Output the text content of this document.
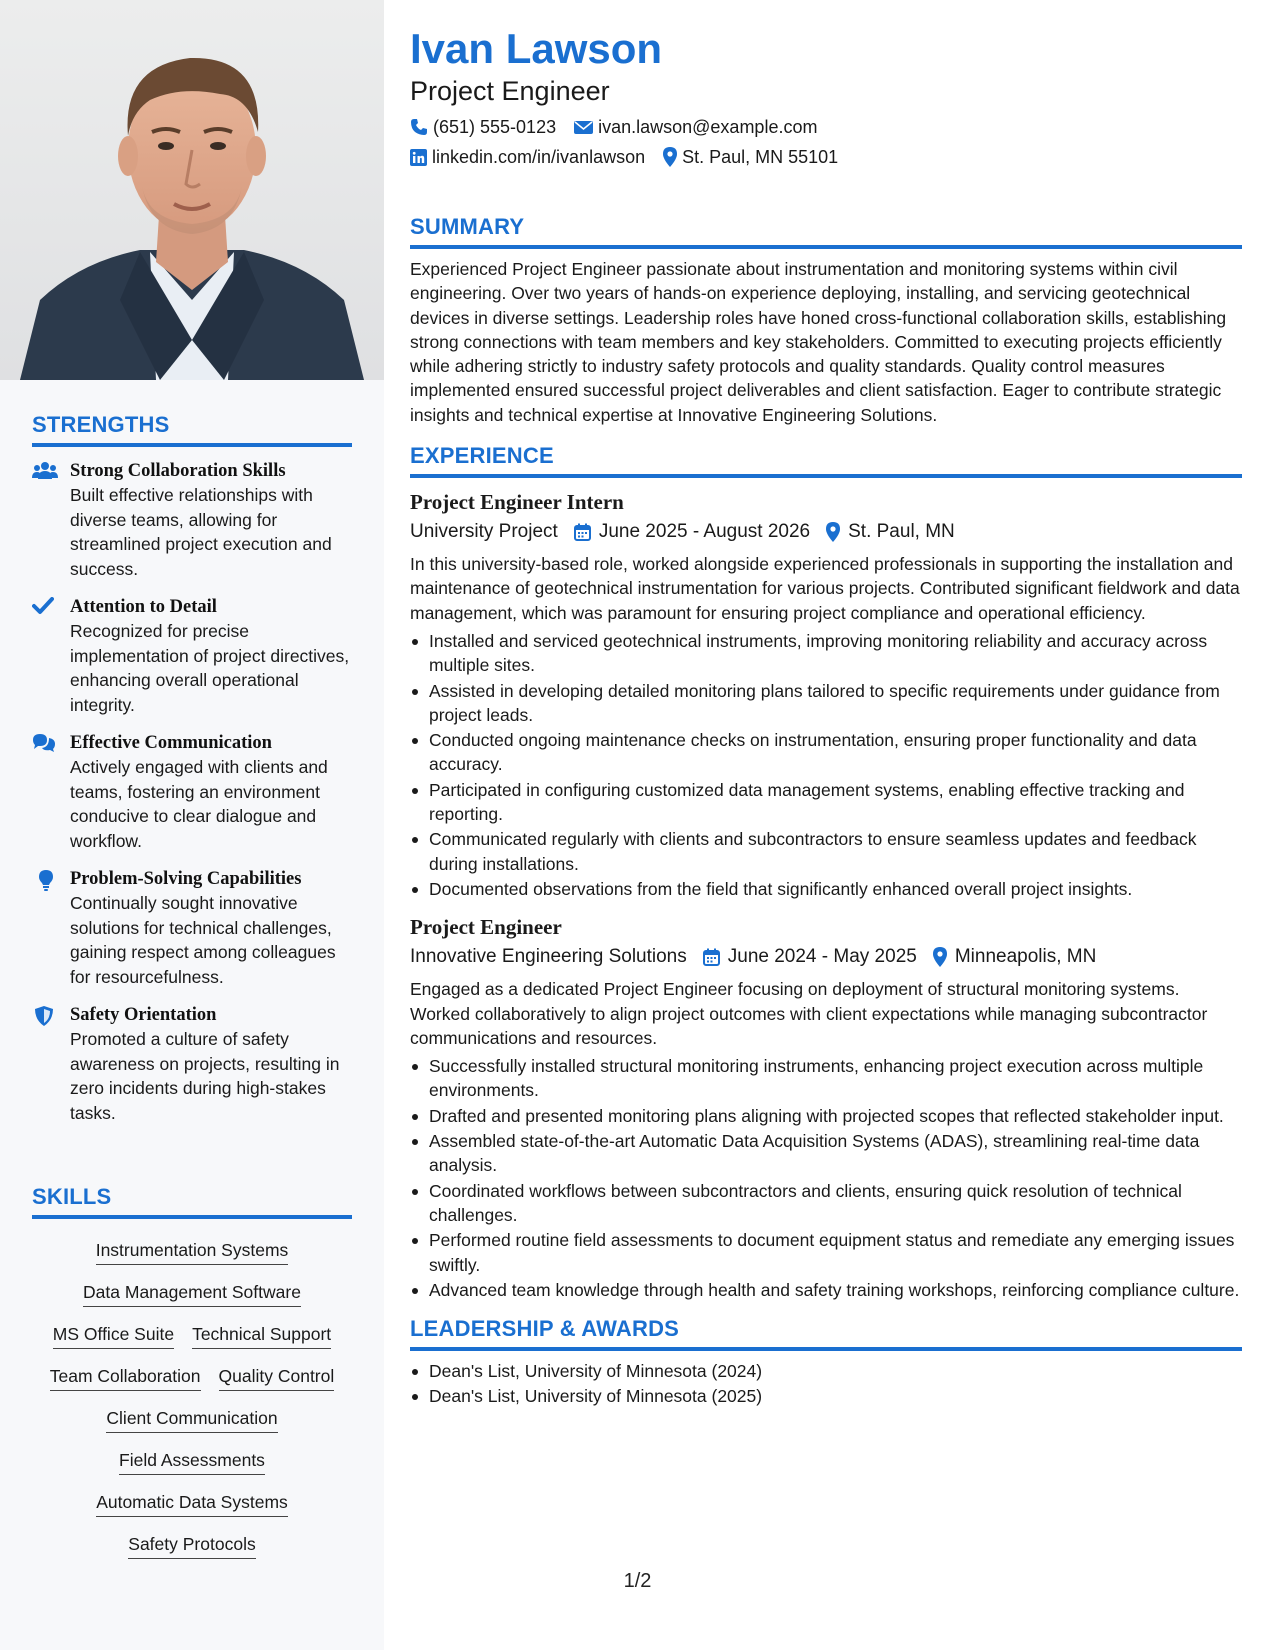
STRENGTHS
Strong Collaboration Skills
Built effective relationships with diverse teams, allowing for streamlined project execution and success.
Attention to Detail
Recognized for precise implementation of project directives, enhancing overall operational integrity.
Effective Communication
Actively engaged with clients and teams, fostering an environment conducive to clear dialogue and workflow.
Problem-Solving Capabilities
Continually sought innovative solutions for technical challenges, gaining respect among colleagues for resourcefulness.
Safety Orientation
Promoted a culture of safety awareness on projects, resulting in zero incidents during high-stakes tasks.
SKILLS
Instrumentation Systems
Data Management Software
MS Office Suite Technical Support
Team Collaboration Quality Control
Client Communication
Field Assessments
Automatic Data Systems
Safety Protocols
Ivan Lawson
Project Engineer
(651) 555-0123 ivan.lawson@example.com
linkedin.com/in/ivanlawson St. Paul, MN 55101
SUMMARY
Experienced Project Engineer passionate about instrumentation and monitoring systems within civil engineering. Over two years of hands-on experience deploying, installing, and servicing geotechnical devices in diverse settings. Leadership roles have honed cross-functional collaboration skills, establishing strong connections with team members and key stakeholders. Committed to executing projects efficiently while adhering strictly to industry safety protocols and quality standards. Quality control measures implemented ensured successful project deliverables and client satisfaction. Eager to contribute strategic insights and technical expertise at Innovative Engineering Solutions.
EXPERIENCE
Project Engineer Intern
University Project June 2025 - August 2026 St. Paul, MN
In this university-based role, worked alongside experienced professionals in supporting the installation and maintenance of geotechnical instrumentation for various projects. Contributed significant fieldwork and data management, which was paramount for ensuring project compliance and operational efficiency.
Installed and serviced geotechnical instruments, improving monitoring reliability and accuracy across multiple sites.
Assisted in developing detailed monitoring plans tailored to specific requirements under guidance from project leads.
Conducted ongoing maintenance checks on instrumentation, ensuring proper functionality and data accuracy.
Participated in configuring customized data management systems, enabling effective tracking and reporting.
Communicated regularly with clients and subcontractors to ensure seamless updates and feedback during installations.
Documented observations from the field that significantly enhanced overall project insights.
Project Engineer
Innovative Engineering Solutions June 2024 - May 2025 Minneapolis, MN
Engaged as a dedicated Project Engineer focusing on deployment of structural monitoring systems. Worked collaboratively to align project outcomes with client expectations while managing subcontractor communications and resources.
Successfully installed structural monitoring instruments, enhancing project execution across multiple environments.
Drafted and presented monitoring plans aligning with projected scopes that reflected stakeholder input.
Assembled state-of-the-art Automatic Data Acquisition Systems (ADAS), streamlining real-time data analysis.
Coordinated workflows between subcontractors and clients, ensuring quick resolution of technical challenges.
Performed routine field assessments to document equipment status and remediate any emerging issues swiftly.
Advanced team knowledge through health and safety training workshops, reinforcing compliance culture.
LEADERSHIP & AWARDS
Dean's List, University of Minnesota (2024)
Dean's List, University of Minnesota (2025)
1/2
